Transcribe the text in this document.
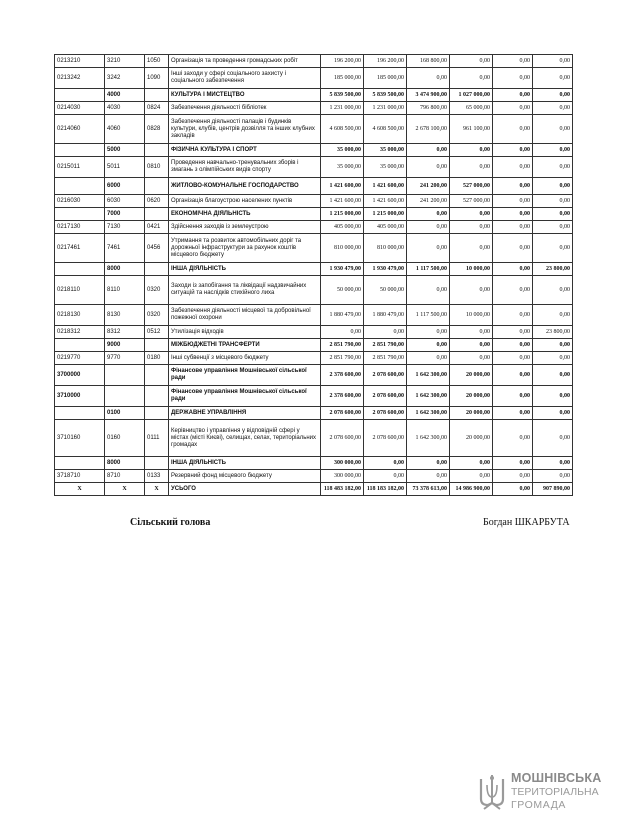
0213210	3210	1050	Організація та проведення громадських робіт	196 200,00	196 200,00	168 800,00	0,00	0,00	0,00
0213242	3242	1090	Інші заходи у сфері соціального захисту і соціального забезпечення	185 000,00	185 000,00	0,00	0,00	0,00	0,00
	4000		КУЛЬТУРА І МИСТЕЦТВО	5 839 500,00	5 839 500,00	3 474 900,00	1 027 000,00	0,00	0,00
0214030	4030	0824	Забезпечення діяльності бібліотек	1 231 000,00	1 231 000,00	796 800,00	65 000,00	0,00	0,00
0214060	4060	0828	Забезпечення діяльності палаців i будинків культури, клубів, центрів дозвілля та iнших клубних закладів	4 608 500,00	4 608 500,00	2 678 100,00	961 100,00	0,00	0,00
	5000		ФІЗИЧНА КУЛЬТУРА І СПОРТ	35 000,00	35 000,00	0,00	0,00	0,00	0,00
0215011	5011	0810	Проведення навчально-тренувальних зборів і змагань з олімпійських видів спорту	35 000,00	35 000,00	0,00	0,00	0,00	0,00
	6000		ЖИТЛОВО-КОМУНАЛЬНЕ ГОСПОДАРСТВО	1 421 600,00	1 421 600,00	241 200,00	527 000,00	0,00	0,00
0216030	6030	0620	Організація благоустрою населених пунктів	1 421 600,00	1 421 600,00	241 200,00	527 000,00	0,00	0,00
	7000		ЕКОНОМІЧНА ДІЯЛЬНІСТЬ	1 215 000,00	1 215 000,00	0,00	0,00	0,00	0,00
0217130	7130	0421	Здійснення заходів із землеустрою	405 000,00	405 000,00	0,00	0,00	0,00	0,00
0217461	7461	0456	Утримання та розвиток автомобільних доріг та дорожньої інфраструктури за рахунок коштів місцевого бюджету	810 000,00	810 000,00	0,00	0,00	0,00	0,00
	8000		ІНША ДІЯЛЬНІСТЬ	1 930 479,00	1 930 479,00	1 117 500,00	10 000,00	0,00	23 800,00
0218110	8110	0320	Заходи із запобігання та ліквідації надзвичайних ситуацій та наслідків стихійного лиха	50 000,00	50 000,00	0,00	0,00	0,00	0,00
0218130	8130	0320	Забезпечення діяльності місцевої та добровільної пожежної охорони	1 880 479,00	1 880 479,00	1 117 500,00	10 000,00	0,00	0,00
0218312	8312	0512	Утилізація відходів	0,00	0,00	0,00	0,00	0,00	23 800,00
	9000		МІЖБЮДЖЕТНІ ТРАНСФЕРТИ	2 851 790,00	2 851 790,00	0,00	0,00	0,00	0,00
0219770	9770	0180	Інші субвенції з місцевого бюджету	2 851 790,00	2 851 790,00	0,00	0,00	0,00	0,00
3700000			Фінансове управління Мошнівської сільської ради	2 378 600,00	2 078 600,00	1 642 300,00	20 000,00	0,00	0,00
3710000			Фінансове управління Мошнівської сільської ради	2 378 600,00	2 078 600,00	1 642 300,00	20 000,00	0,00	0,00
	0100		ДЕРЖАВНЕ УПРАВЛІННЯ	2 078 600,00	2 078 600,00	1 642 300,00	20 000,00	0,00	0,00
3710160	0160	0111	Керівництво і управління у відповідній сфері у містах (місті Києві), селищах, селах, територіальних громадах	2 078 600,00	2 078 600,00	1 642 300,00	20 000,00	0,00	0,00
	8000		ІНША ДІЯЛЬНІСТЬ	300 000,00	0,00	0,00	0,00	0,00	0,00
3718710	8710	0133	Резервний фонд місцевого бюджету	300 000,00	0,00	0,00	0,00	0,00	0,00
X	X	X	УСЬОГО	118 483 182,00	118 183 182,00	73 378 613,00	14 986 900,00	0,00	907 890,00
Сільський голова	Богдан ШКАРБУТА
МОШНІВСЬКА
ТЕРИТОРІАЛЬНА
ГРОМАДА
